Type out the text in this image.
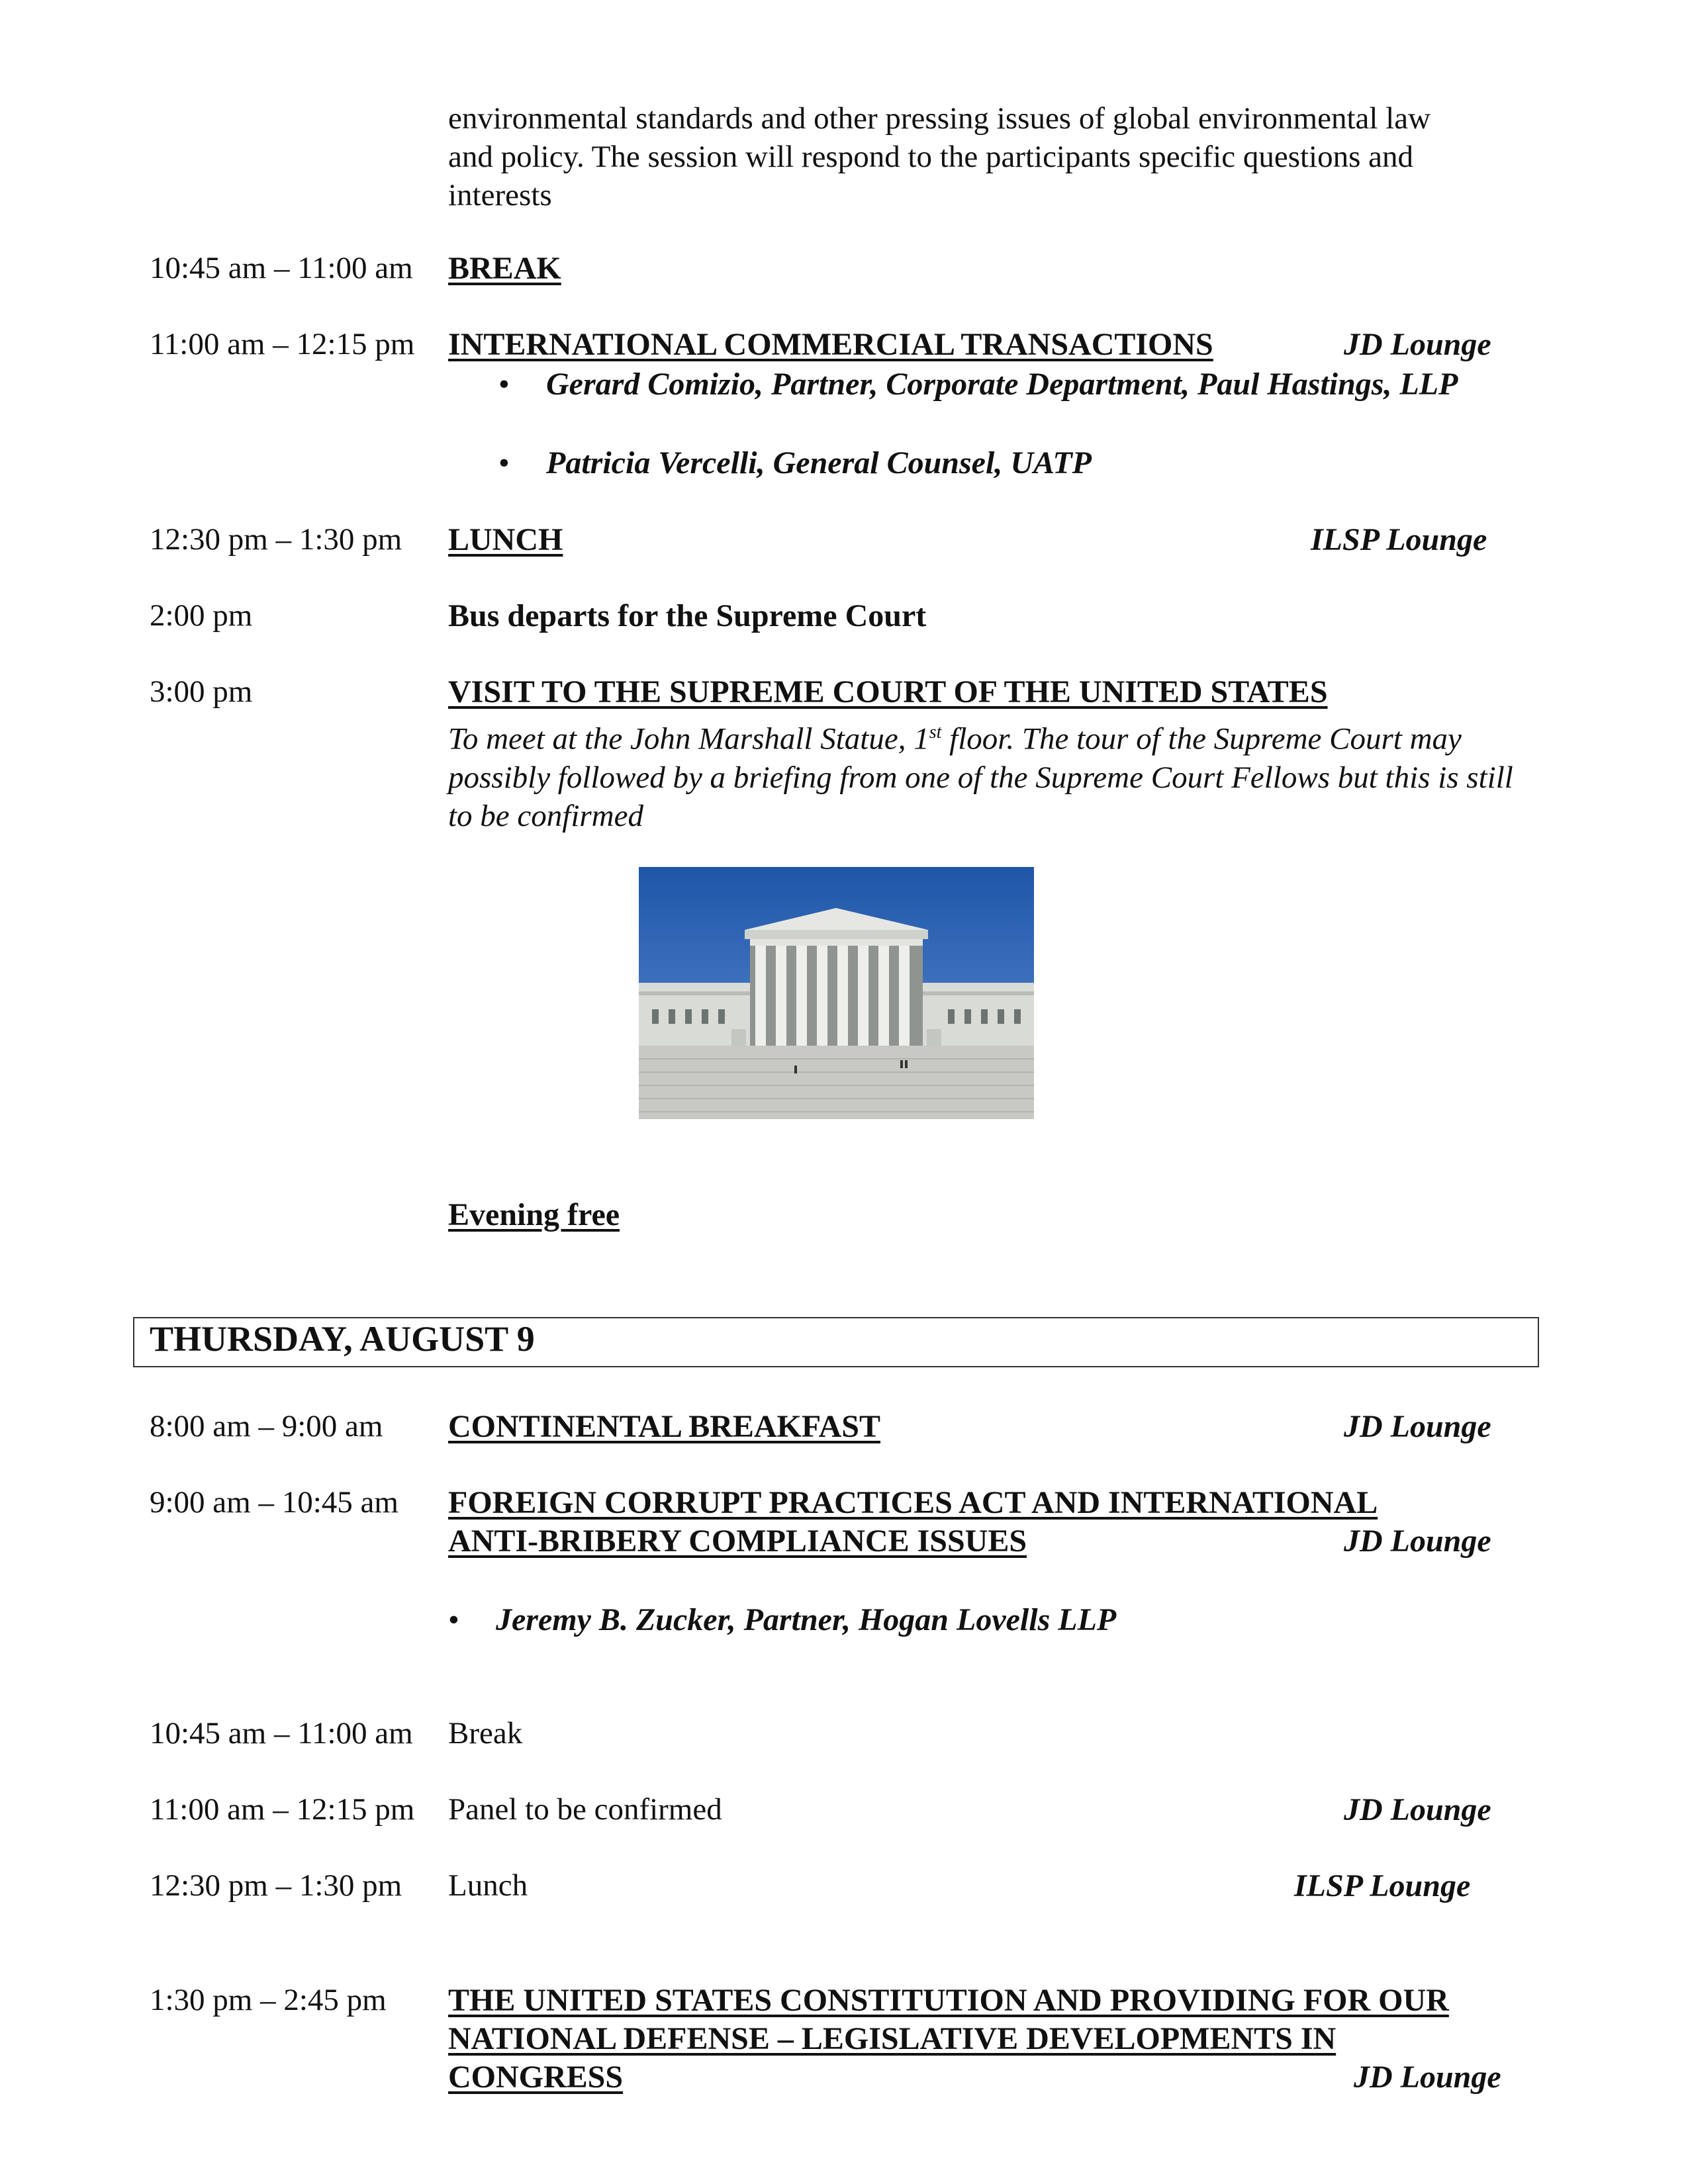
environmental standards and other pressing issues of global environmental law
and policy. The session will respond to the participants specific questions and
interests
10:45 am – 11:00 am BREAK
11:00 am – 12:15 pm INTERNATIONAL COMMERCIAL TRANSACTIONS	JD Lounge
• Gerard Comizio, Partner, Corporate Department, Paul Hastings, LLP
• Patricia Vercelli, General Counsel, UATP
12:30 pm – 1:30 pm LUNCH	ILSP Lounge
2:00 pm	Bus departs for the Supreme Court
3:00 pm	VISIT TO THE SUPREME COURT OF THE UNITED STATES
To meet at the John Marshall Statue, 1st floor. The tour of the Supreme Court may possibly followed by a briefing from one of the Supreme Court Fellows but this is still to be confirmed
Evening free
THURSDAY, AUGUST 9
8:00 am – 9:00 am CONTINENTAL BREAKFAST	JD Lounge
9:00 am – 10:45 am FOREIGN CORRUPT PRACTICES ACT AND INTERNATIONAL
ANTI-BRIBERY COMPLIANCE ISSUES	JD Lounge
• Jeremy B. Zucker, Partner, Hogan Lovells LLP
10:45 am – 11:00 am Break
11:00 am – 12:15 pm Panel to be confirmed	JD Lounge
12:30 pm – 1:30 pm Lunch	ILSP Lounge
1:30 pm – 2:45 pm THE UNITED STATES CONSTITUTION AND PROVIDING FOR OUR
NATIONAL DEFENSE – LEGISLATIVE DEVELOPMENTS IN
CONGRESS	JD Lounge
